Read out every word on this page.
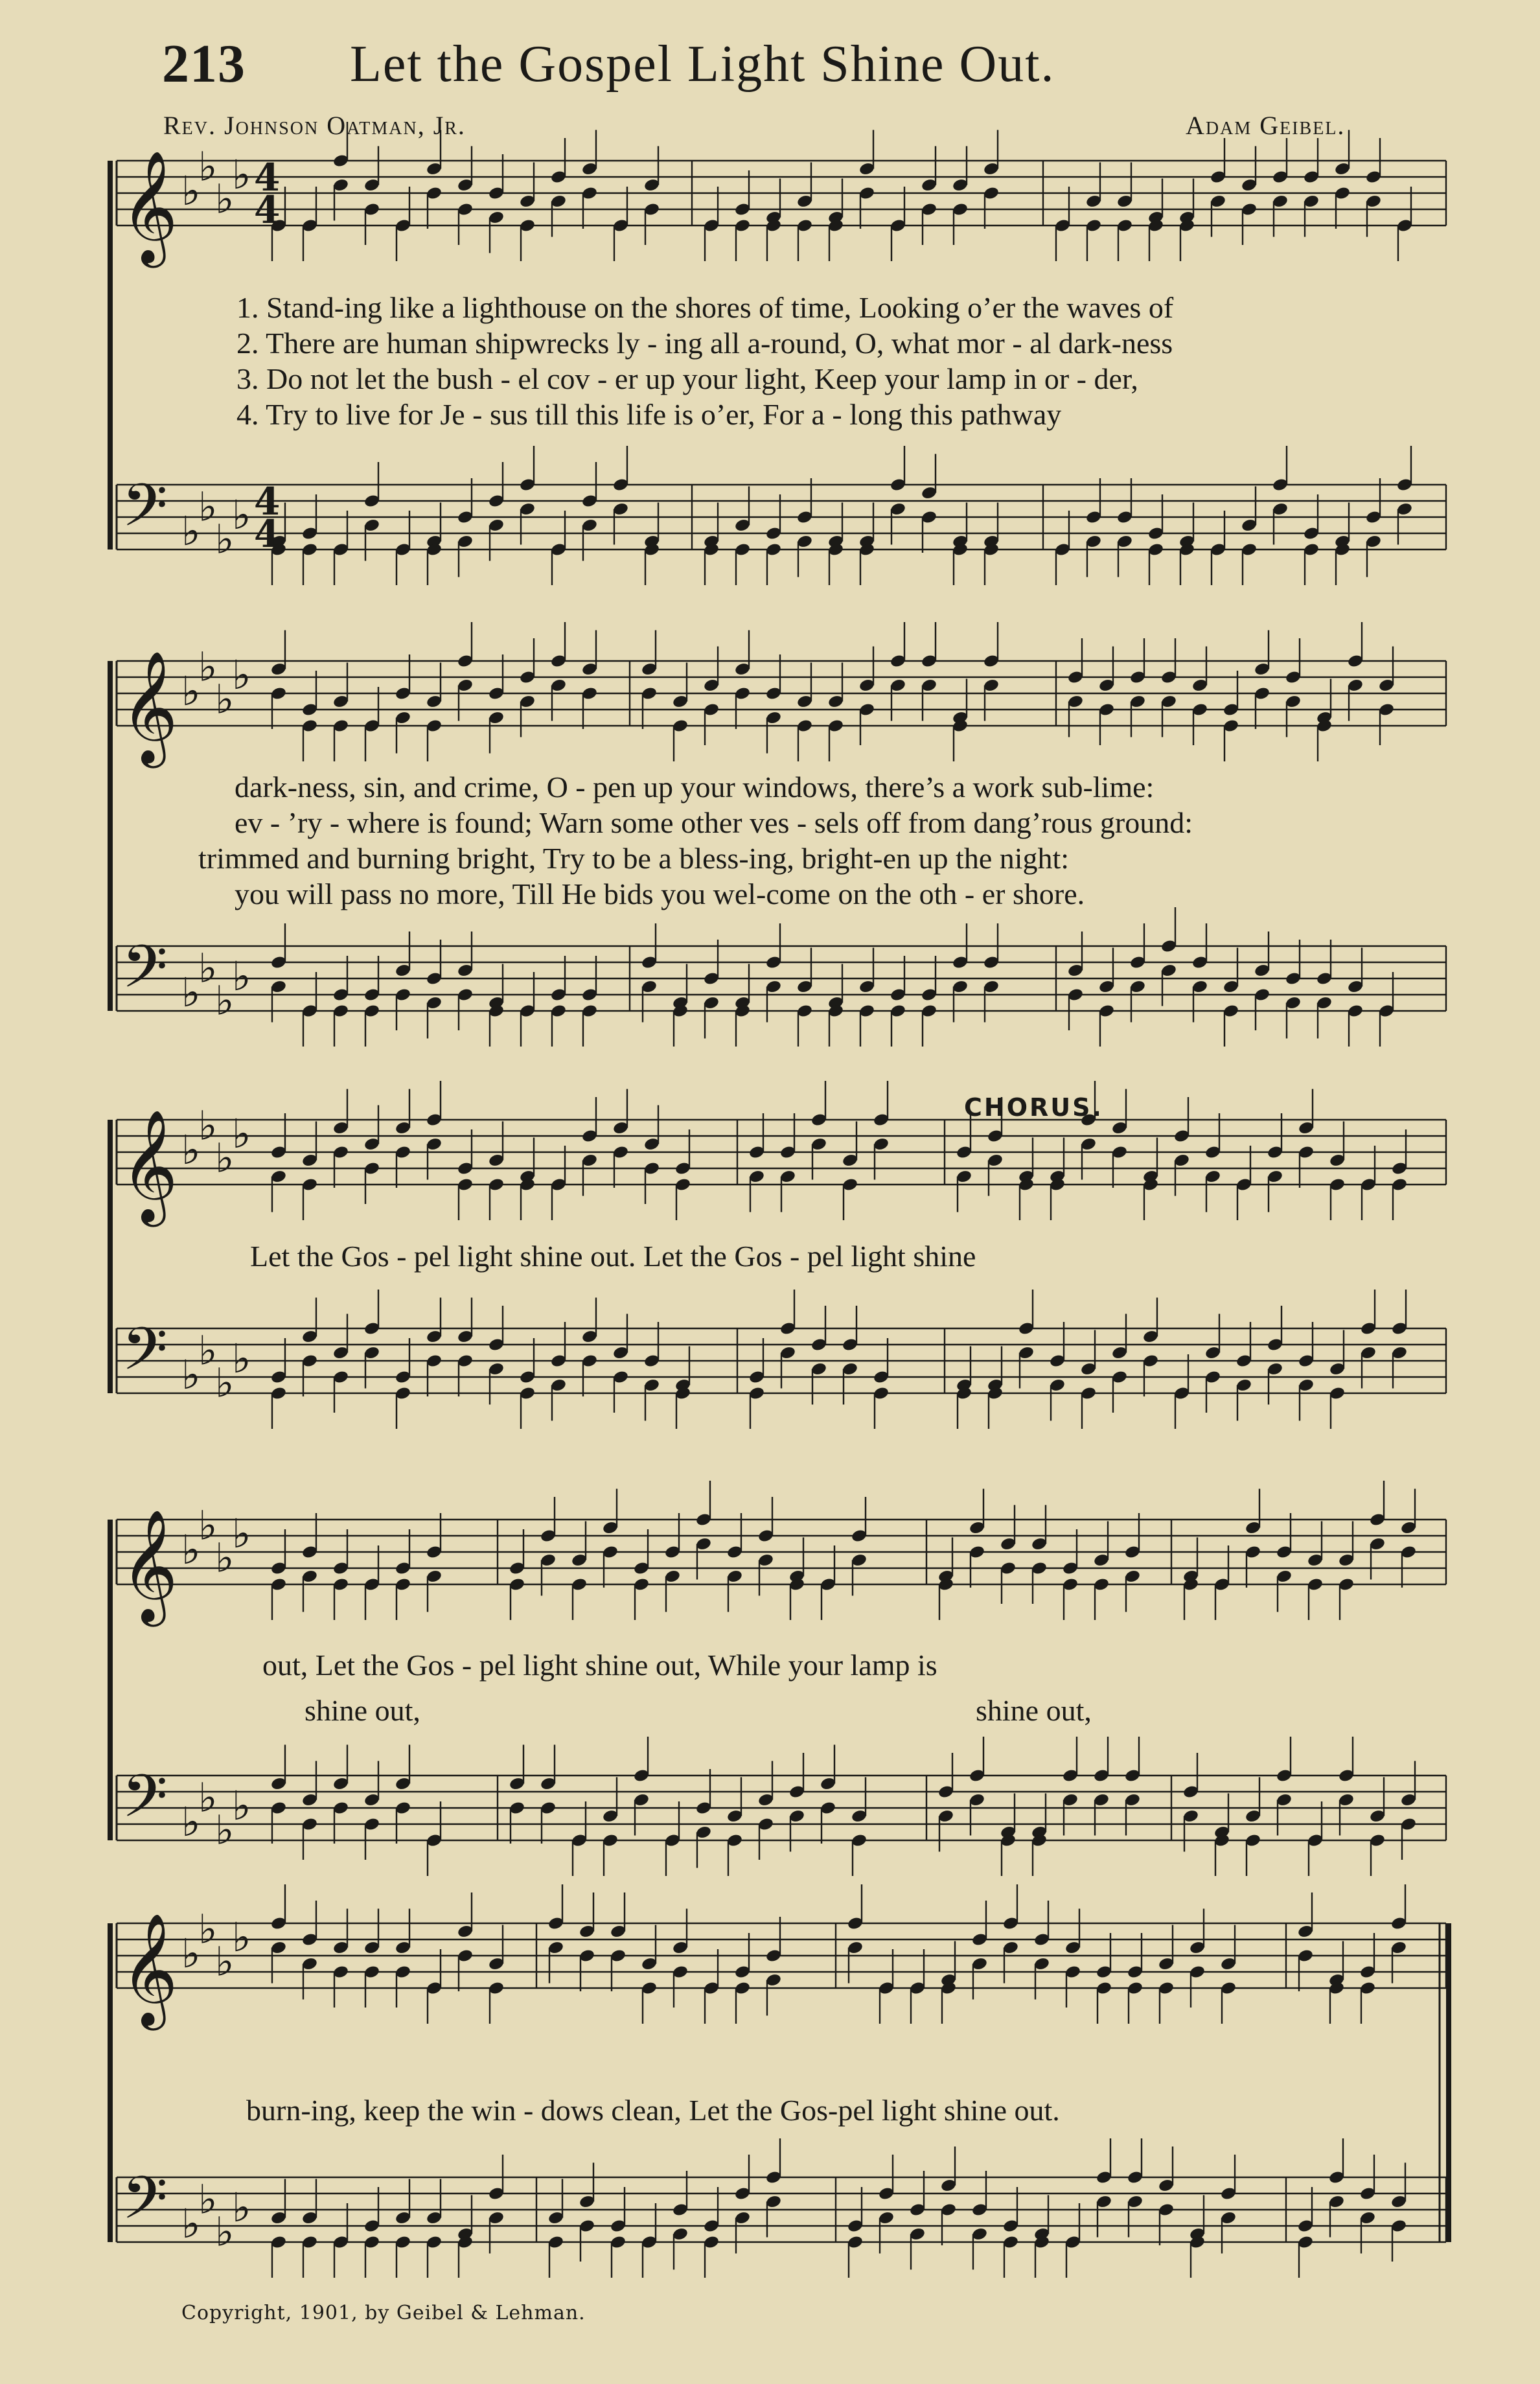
213 Let the Gospel Light Shine Out.
Rev. Johnson Oatman, Jr.	Adam Geibel.
𝄞 ♭
♭
♭
♭
𝄢 ♭
♭
♭
♭
4
4
4
4
𝄞 ♭
♭
♭
♭
𝄢 ♭
♭
♭
♭
𝄞 ♭
♭
♭
♭
𝄢 ♭
♭
♭
♭
𝄞 ♭
♭
♭
♭
𝄢 ♭
♭
♭
♭
𝄞 ♭
♭
♭
♭
𝄢 ♭
♭
♭
♭
CHORUS.
1. Stand-ing like a lighthouse on the shores of time, Looking o’er the waves of
2. There are human shipwrecks ly - ing all a-round, O, what mor - al dark-ness
3. Do not let the bush - el cov - er up your light, Keep your lamp in or - der,
4. Try to live for Je - sus till this life is o’er, For a - long this pathway
dark-ness, sin, and crime, O - pen up your windows, there’s a work sub-lime:
ev - ’ry - where is found; Warn some other ves - sels off from dang’rous ground:
trimmed and burning bright, Try to be a bless-ing, bright-en up the night:
you will pass no more, Till He bids you wel-come on the oth - er shore.
Let the Gos - pel light shine out. Let the Gos - pel light shine
out, Let the Gos - pel light shine out, While your lamp is
shine out,	shine out,
burn-ing, keep the win - dows clean, Let the Gos-pel light shine out.
Copyright, 1901, by Geibel & Lehman.
